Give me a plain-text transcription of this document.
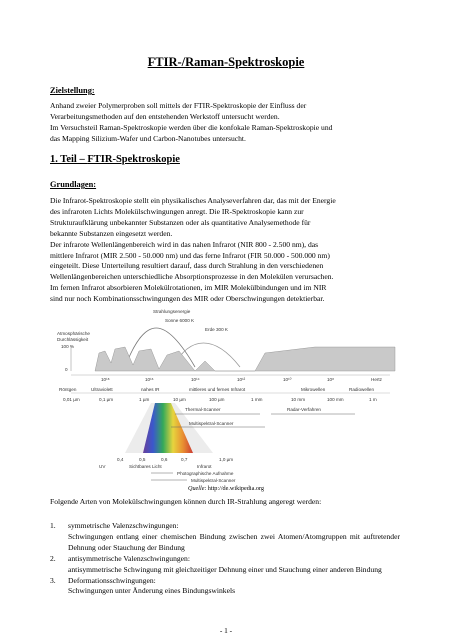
FTIR-/Raman-Spektroskopie

Zielstellung:

Anhand zweier Polymerproben soll mittels der FTIR-Spektroskopie der Einfluss der
Verarbeitungsmethoden auf den entstehenden Werkstoff untersucht werden.
Im Versuchsteil Raman-Spektroskopie werden über die konfokale Raman-Spektroskopie und
das Mapping Silizium-Wafer und Carbon-Nanotubes untersucht.
1. Teil – FTIR-Spektroskopie

Grundlagen:

Die Infrarot-Spektroskopie stellt ein physikalisches Analyseverfahren dar, das mit der Energie
des infraroten Lichts Molekülschwingungen anregt. Die IR-Spektroskopie kann zur
Strukturaufklärung unbekannter Substanzen oder als quantitative Analysemethode für
bekannte Substanzen eingesetzt werden.
Der infrarote Wellenlängenbereich wird in das nahen Infrarot (NIR 800 - 2.500 nm), das
mittlere Infrarot (MIR 2.500 - 50.000 nm) und das ferne Infrarot (FIR 50.000 - 500.000 nm)
eingeteilt. Diese Unterteilung resultiert darauf, dass durch Strahlung in den verschiedenen
Wellenlängenbereichen unterschiedliche Absorptionsprozesse in den Molekülen verursachen.
Im fernen Infrarot absorbieren Molekülrotationen, im MIR Molekülbindungen und im NIR
sind nur noch Kombinationsschwingungen des MIR oder Oberschwingungen detektierbar.
Strahlungsenergie
Sonne 6000 K
Erde 300 K
Atmosphärische
Durchlässigkeit
100 %
0
10¹⁸	10¹⁶	10¹⁴	10¹²	10¹⁰	10⁸	Hertz
Röntgen	Ultraviolett	nahes IR	mittleres und fernes Infrarot	Mikrowellen	Radiowellen
0,01 µm	0,1 µm	1 µm	10 µm	100 µm	1 mm	10 mm	100 mm	1 m
Thermal-Scanner	Radar-Verfahren
Multispektral-Scanner
0,4	0,5	0,6	0,7	1,0 µm
UV	Sichtbares Licht	Infrarot
Photographische Aufnahme
Multispektral-Scanner

Quelle: http://de.wikipedia.org

Folgende Arten von Molekülschwingungen können durch IR-Strahlung angeregt werden:

1. symmetrische Valenzschwingungen:
Schwingungen entlang einer chemischen Bindung zwischen zwei Atomen/Atomgruppen mit auftretender Dehnung oder Stauchung der Bindung
2. antisymmetrische Valenzschwingungen:
antisymmetrische Schwingung mit gleichzeitiger Dehnung einer und Stauchung einer anderen Bindung
3. Deformationsschwingungen:
Schwingungen unter Änderung eines Bindungswinkels

- 1 -
